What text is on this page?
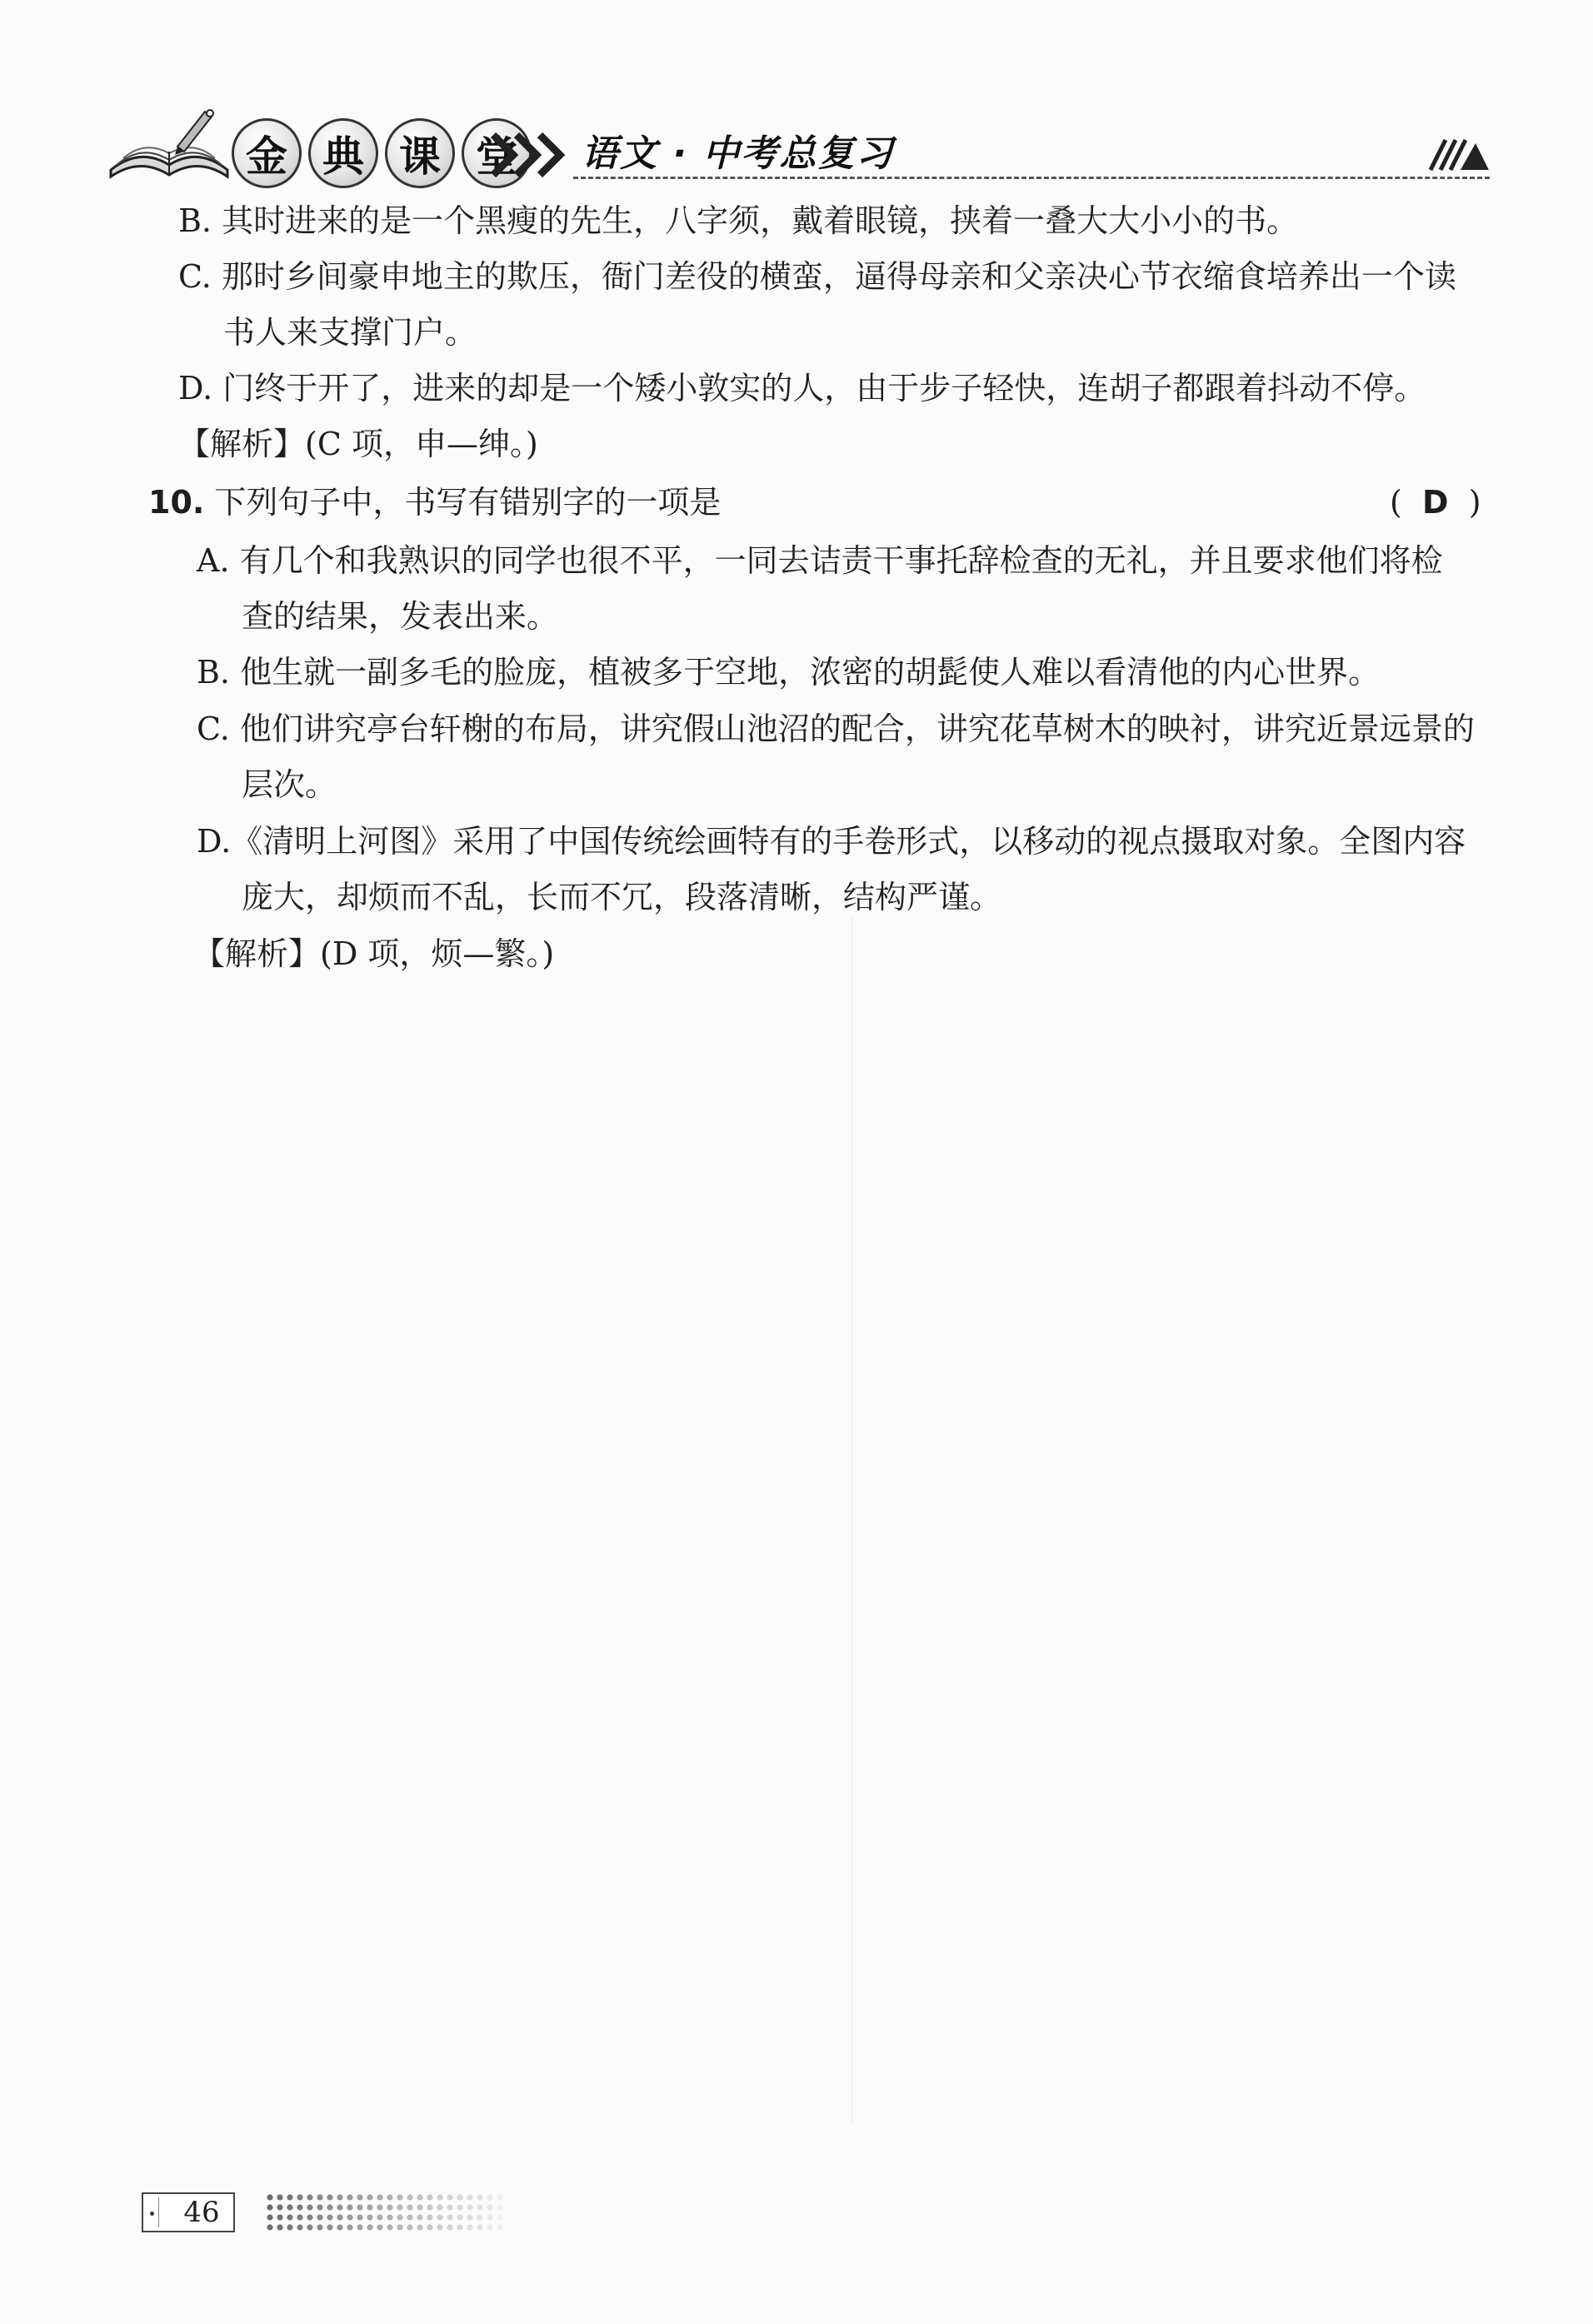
金 典 课 堂	语文 · 中考总复习
B. 其时进来的是一个黑瘦的先生，八字须，戴着眼镜，挟着一叠大大小小的书。
C. 那时乡间豪申地主的欺压，衙门差役的横蛮，逼得母亲和父亲决心节衣缩食培养出一个读
书人来支撑门户。
D. 门终于开了，进来的却是一个矮小敦实的人，由于步子轻快，连胡子都跟着抖动不停。
【解析】(C 项，申—绅。)
10. 下列句子中，书写有错别字的一项是	( D )
A. 有几个和我熟识的同学也很不平，一同去诘责干事托辞检查的无礼，并且要求他们将检
查的结果，发表出来。
B. 他生就一副多毛的脸庞，植被多于空地，浓密的胡髭使人难以看清他的内心世界。
C. 他们讲究亭台轩榭的布局，讲究假山池沼的配合，讲究花草树木的映衬，讲究近景远景的
层次。
D.《清明上河图》采用了中国传统绘画特有的手卷形式，以移动的视点摄取对象。全图内容
庞大，却烦而不乱，长而不冗，段落清晰，结构严谨。
【解析】(D 项，烦—繁。)
46
